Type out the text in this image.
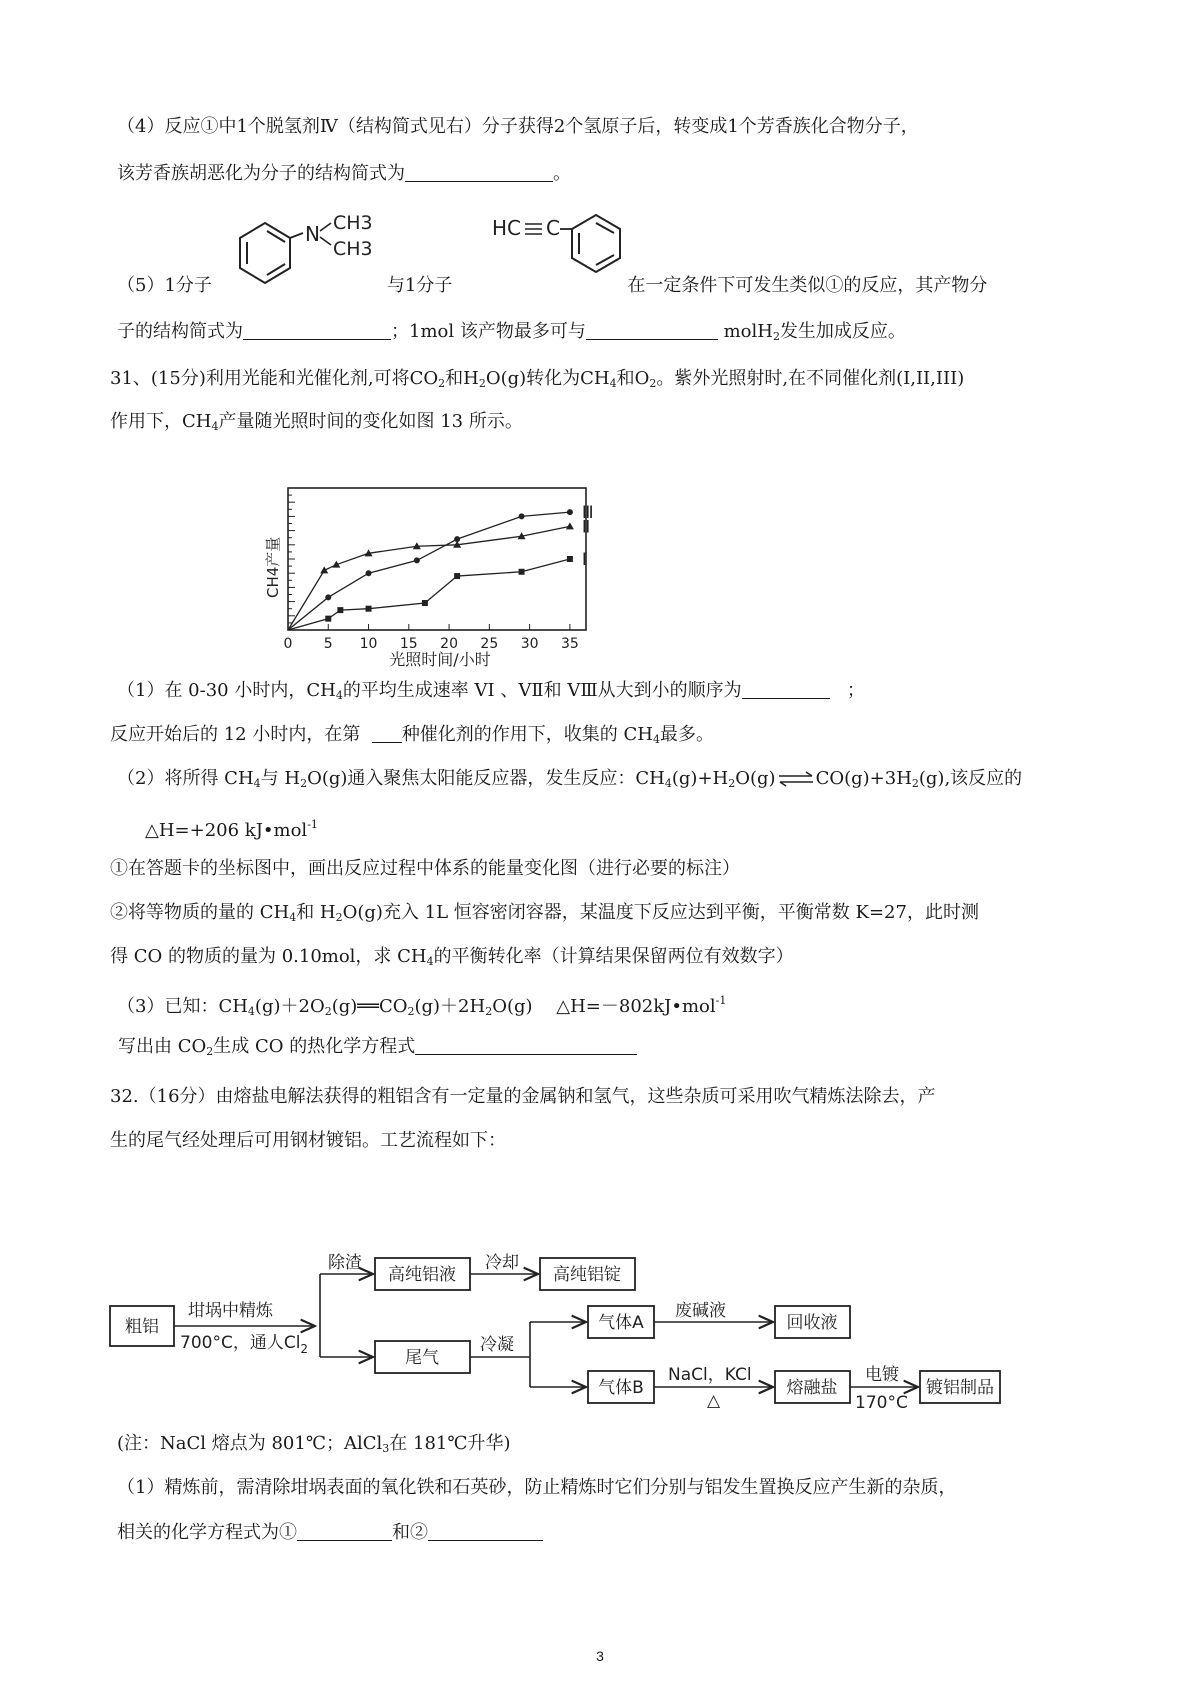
（4）反应①中1个脱氢剂Ⅳ（结构简式见右）分子获得2个氢原子后，转变成1个芳香族化合物分子，
该芳香族胡恶化为分子的结构简式为	。
N CH3
CH3
HC C
（5）1分子	与1分子	在一定条件下可发生类似①的反应，其产物分
子的结构简式为	；1mol 该产物最多可与	molH$_2$发生加成反应。
31、(15分)利用光能和光催化剂,可将$CO_2$和$H_2O(g)$转化为$CH_4$和$O_2$。紫外光照射时,在不同催化剂(I,II,III)
作用下，$CH_4$产量随光照时间的变化如图 13 所示。
0 5 10 15 20 25 30 35
Ⅲ
Ⅱ
Ⅰ
CH4产量
光照时间/小时
（1）在 0-30 小时内，$CH_4$的平均生成速率 VⅠ 、VⅡ和 VⅢ从大到小的顺序为	；
反应开始后的 12 小时内，在第 种催化剂的作用下，收集的 $CH_4$最多。
（2）将所得 $CH_4$与 $H_2O(g)$通入聚焦太阳能反应器，发生反应：$CH_4(g)+H_2O(g)$ ⇌ $CO(g)+3H_2(g)$,该反应的
△H=+206 kJ•mol$^{-1}$
①在答题卡的坐标图中，画出反应过程中体系的能量变化图（进行必要的标注）
②将等物质的量的 $CH_4$和 $H_2O(g)$充入 1L 恒容密闭容器，某温度下反应达到平衡，平衡常数 K=27，此时测
得 CO 的物质的量为 0.10mol，求 $CH_4$的平衡转化率（计算结果保留两位有效数字）
（3）已知：$CH_4(g)+2O_2(g)══CO_2(g)+2H_2O(g)$　 △H=－802kJ•mol$^{-1}$
写出由 $CO_2$生成 CO 的热化学方程式
32.（16分）由熔盐电解法获得的粗铝含有一定量的金属钠和氢气，这些杂质可采用吹气精炼法除去，产
生的尾气经处理后可用钢材镀铝。工艺流程如下：
粗铝
坩埚中精炼
700°C，通人$Cl_2$
除渣
高纯铝液
冷却
高纯铝锭
尾气
冷凝
气体A
废碱液
回收液
气体B
NaCl，KCl
△
熔融盐
电镀
170°C
镀铝制品
(注：NaCl 熔点为 801℃；AlCl$_3$在 181℃升华)
（1）精炼前，需清除坩埚表面的氧化铁和石英砂，防止精炼时它们分别与铝发生置换反应产生新的杂质，
相关的化学方程式为①	和②
3
